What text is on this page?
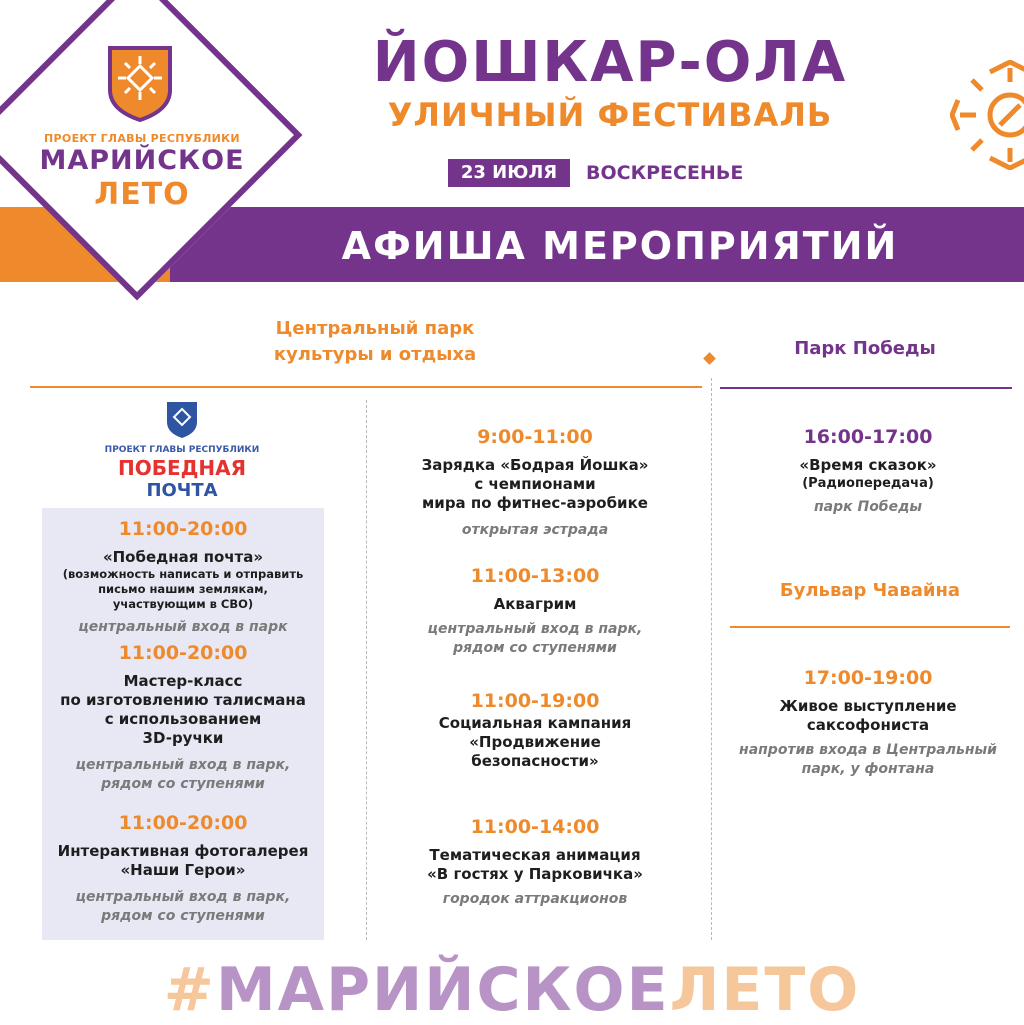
АФИША МЕРОПРИЯТИЙ
ПРОЕКТ ГЛАВЫ РЕСПУБЛИКИ
МАРИЙСКОЕ
ЛЕТО
ЙОШКАР-ОЛА
УЛИЧНЫЙ ФЕСТИВАЛЬ
23 ИЮЛЯ	ВОСКРЕСЕНЬЕ
Центральный парк
культуры и отдыха	Парк Победы
ПРОЕКТ ГЛАВЫ РЕСПУБЛИКИ
ПОБЕДНАЯ
ПОЧТА
11:00-20:00
«Победная почта»
(возможность написать и отправить
письмо нашим землякам,
участвующим в СВО)
центральный вход в парк
11:00-20:00
Мастер-класс
по изготовлению талисмана
с использованием
3D-ручки
центральный вход в парк,
рядом со ступенями
11:00-20:00
Интерактивная фотогалерея
«Наши Герои»
центральный вход в парк,
рядом со ступенями
9:00-11:00
Зарядка «Бодрая Йошка»
с чемпионами
мира по фитнес-аэробике
открытая эстрада
11:00-13:00
Аквагрим
центральный вход в парк,
рядом со ступенями
11:00-19:00
Социальная кампания
«Продвижение
безопасности»
11:00-14:00
Тематическая анимация
«В гостях у Парковичка»
городок аттракционов
16:00-17:00
«Время сказок»
(Радиопередача)
парк Победы
Бульвар Чавайна
17:00-19:00
Живое выступление
саксофониста
напротив входа в Центральный
парк, у фонтана
#МАРИЙСКОЕЛЕТО
